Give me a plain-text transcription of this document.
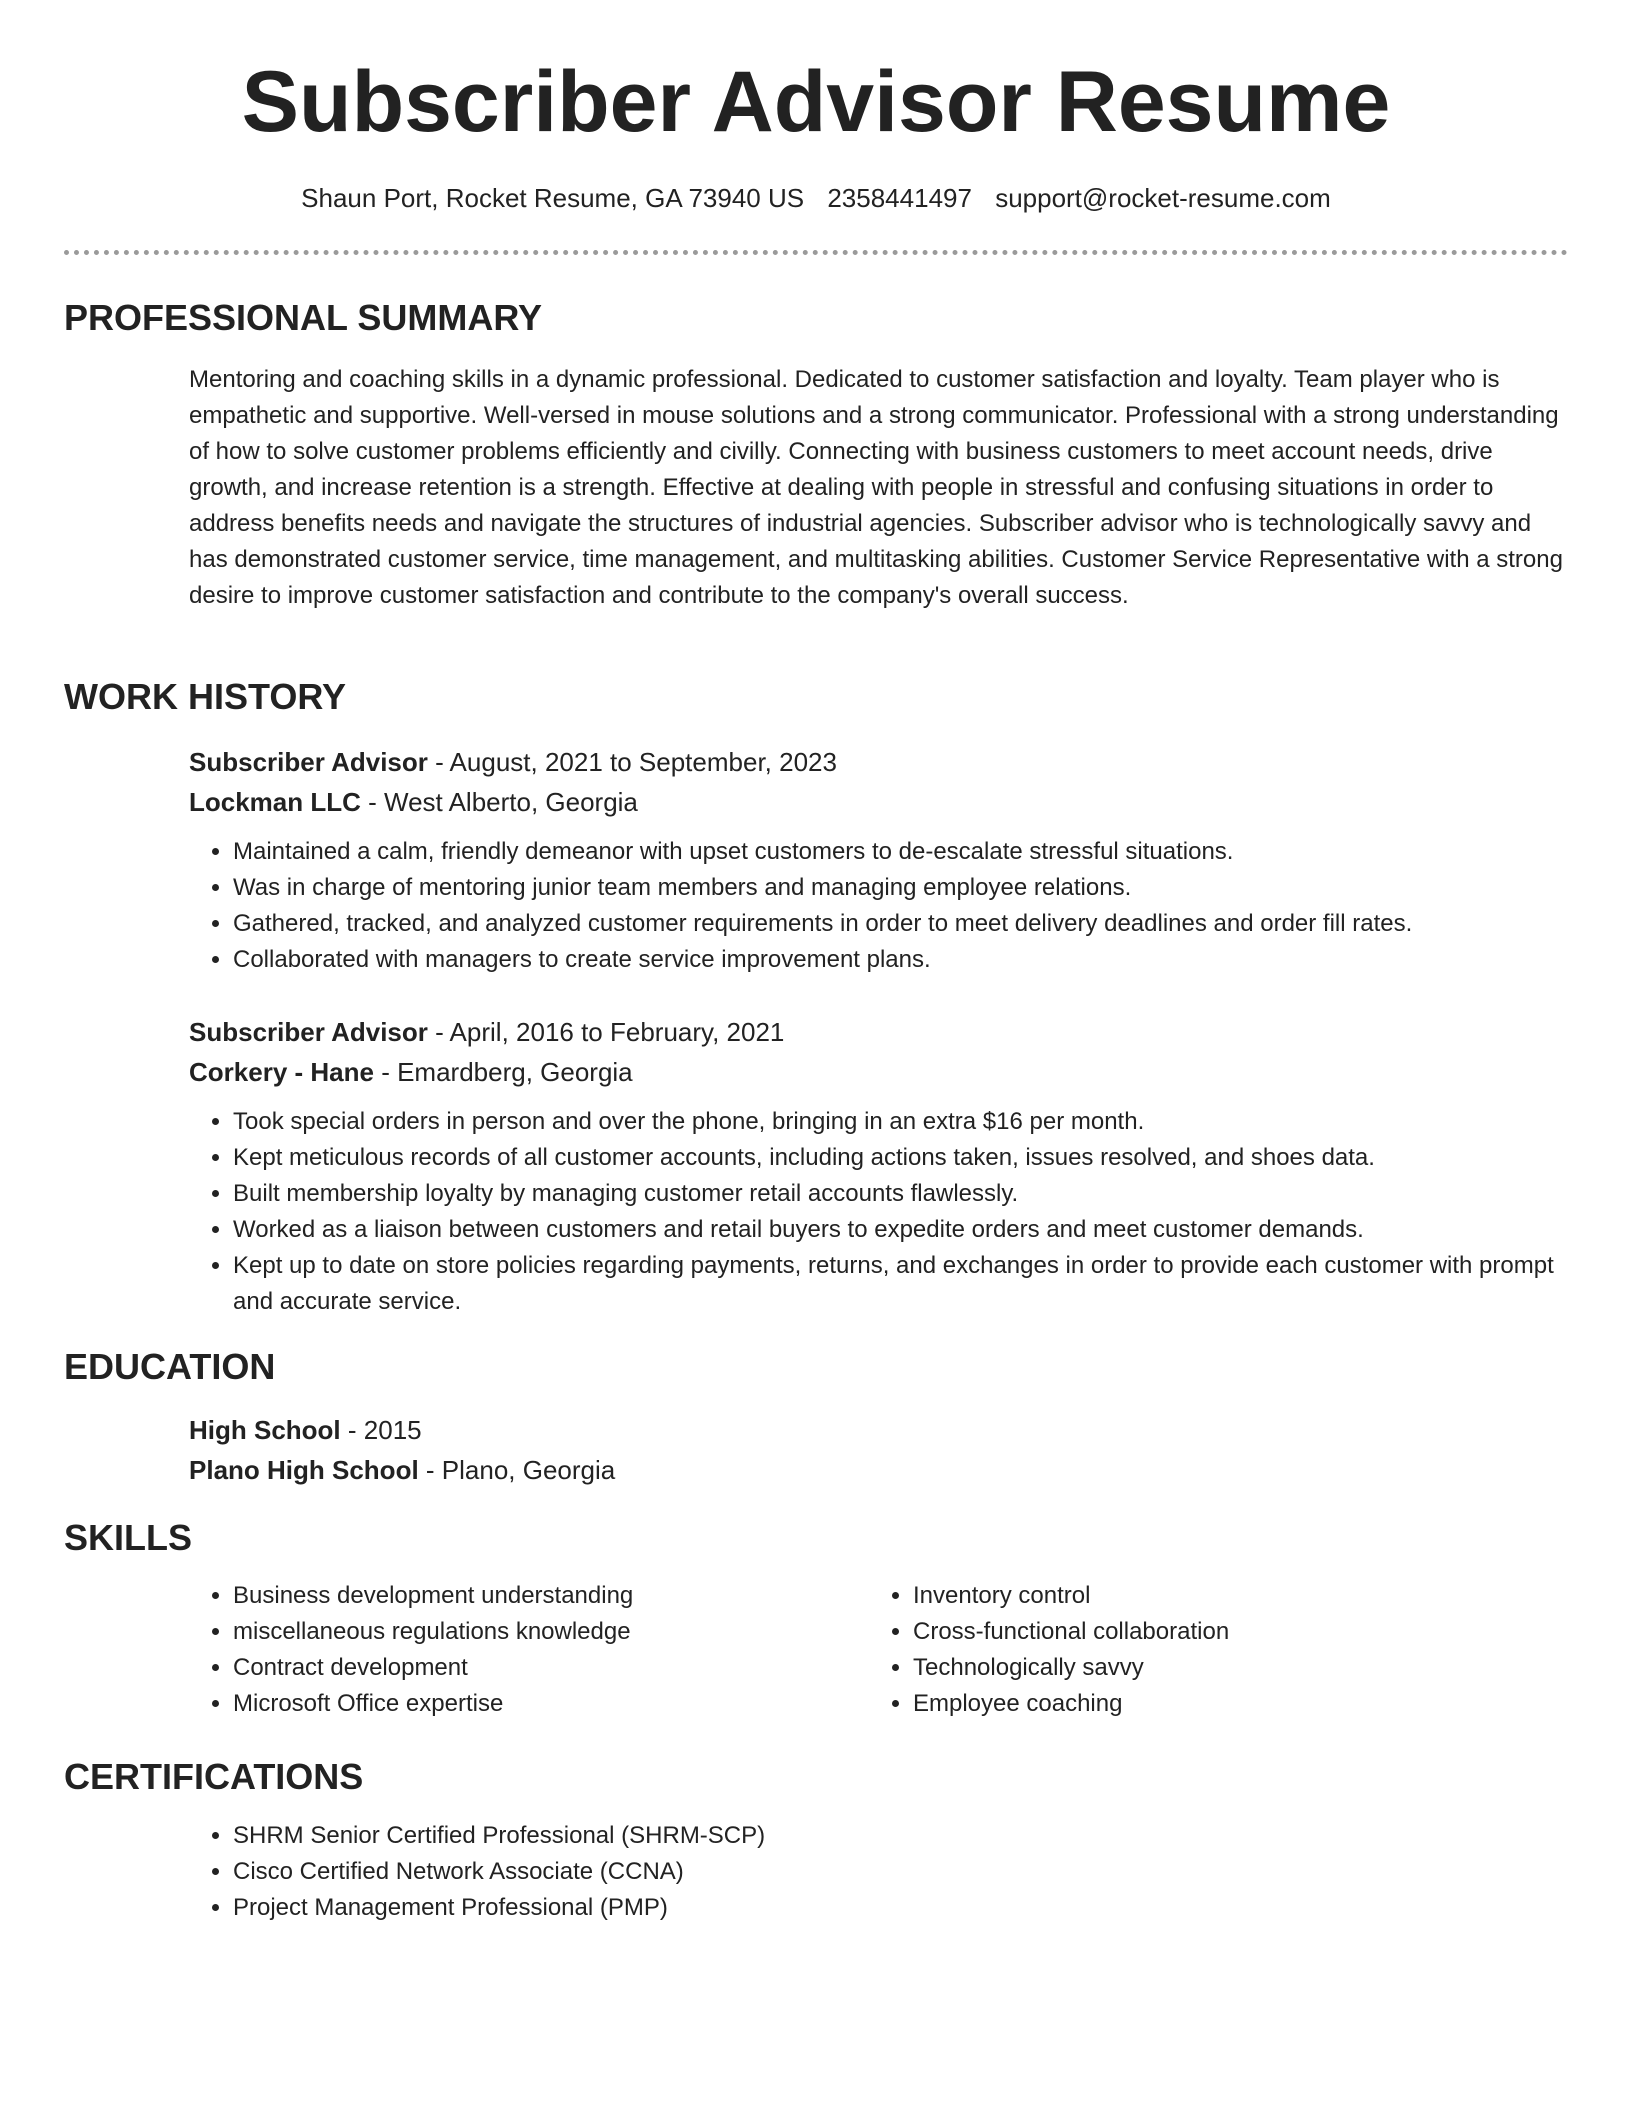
Subscriber Advisor Resume
Shaun Port, Rocket Resume, GA 73940 US 2358441497 support@rocket-resume.com
PROFESSIONAL SUMMARY

Mentoring and coaching skills in a dynamic professional. Dedicated to customer satisfaction and loyalty. Team player who is empathetic and supportive. Well-versed in mouse solutions and a strong communicator. Professional with a strong understanding of how to solve customer problems efficiently and civilly. Connecting with business customers to meet account needs, drive growth, and increase retention is a strength. Effective at dealing with people in stressful and confusing situations in order to address benefits needs and navigate the structures of industrial agencies. Subscriber advisor who is technologically savvy and has demonstrated customer service, time management, and multitasking abilities. Customer Service Representative with a strong desire to improve customer satisfaction and contribute to the company's overall success.

WORK HISTORY

Subscriber Advisor - August, 2021 to September, 2023

Lockman LLC - West Alberto, Georgia

• Maintained a calm, friendly demeanor with upset customers to de-escalate stressful situations.
• Was in charge of mentoring junior team members and managing employee relations.
• Gathered, tracked, and analyzed customer requirements in order to meet delivery deadlines and order fill rates.
• Collaborated with managers to create service improvement plans.

Subscriber Advisor - April, 2016 to February, 2021

Corkery - Hane - Emardberg, Georgia

• Took special orders in person and over the phone, bringing in an extra $16 per month.
• Kept meticulous records of all customer accounts, including actions taken, issues resolved, and shoes data.
• Built membership loyalty by managing customer retail accounts flawlessly.
• Worked as a liaison between customers and retail buyers to expedite orders and meet customer demands.
• Kept up to date on store policies regarding payments, returns, and exchanges in order to provide each customer with prompt and accurate service.
EDUCATION

High School - 2015

Plano High School - Plano, Georgia

SKILLS
• Business development understanding
• miscellaneous regulations knowledge
• Contract development
• Microsoft Office expertise
• Inventory control
• Cross-functional collaboration
• Technologically savvy
• Employee coaching
CERTIFICATIONS
• SHRM Senior Certified Professional (SHRM-SCP)
• Cisco Certified Network Associate (CCNA)
• Project Management Professional (PMP)
